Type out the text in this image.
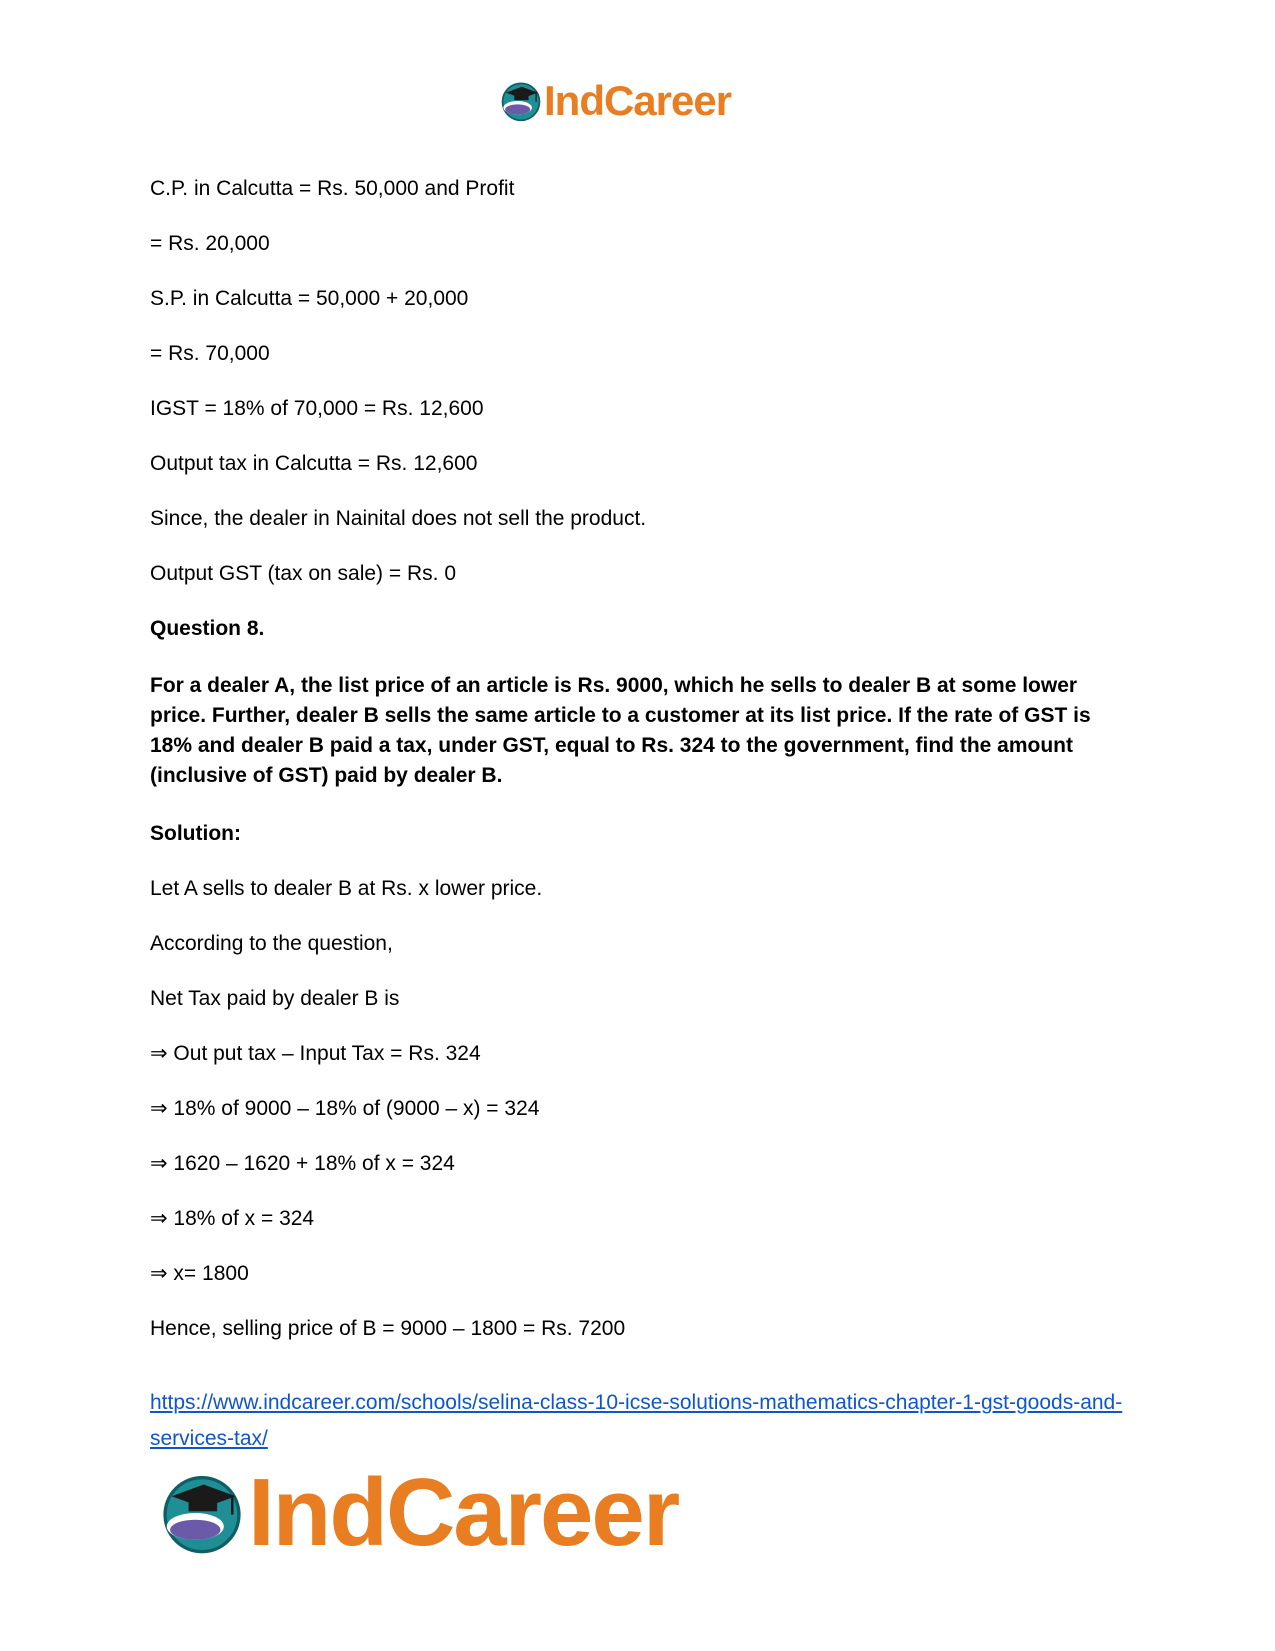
IndCareer

C.P. in Calcutta = Rs. 50,000 and Profit

= Rs. 20,000

S.P. in Calcutta = 50,000 + 20,000

= Rs. 70,000

IGST = 18% of 70,000 = Rs. 12,600

Output tax in Calcutta = Rs. 12,600

Since, the dealer in Nainital does not sell the product.

Output GST (tax on sale) = Rs. 0

Question 8.

For a dealer A, the list price of an article is Rs. 9000, which he sells to dealer B at some lower price. Further, dealer B sells the same article to a customer at its list price. If the rate of GST is 18% and dealer B paid a tax, under GST, equal to Rs. 324 to the government, find the amount (inclusive of GST) paid by dealer B.

Solution:

Let A sells to dealer B at Rs. x lower price.

According to the question,

Net Tax paid by dealer B is

⇒ Out put tax – Input Tax = Rs. 324

⇒ 18% of 9000 – 18% of (9000 – x) = 324

⇒ 1620 – 1620 + 18% of x = 324

⇒ 18% of x = 324

⇒ x= 1800

Hence, selling price of B = 9000 – 1800 = Rs. 7200

https://www.indcareer.com/schools/selina-class-10-icse-solutions-mathematics-chapter-1-gst-goods-and-services-tax/
IndCareer
